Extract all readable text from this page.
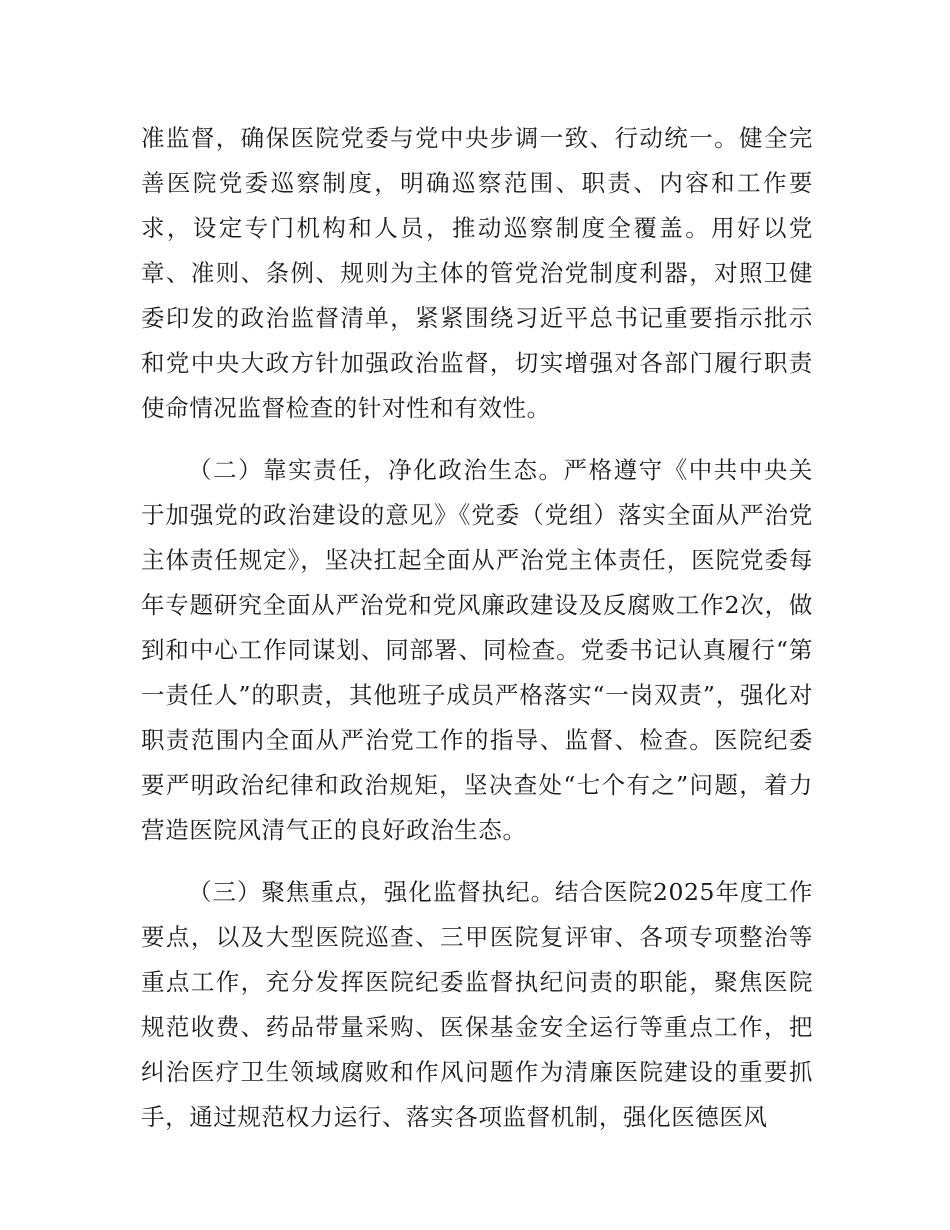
准监督，确保医院党委与党中央步调一致、行动统一。健全完善医院党委巡察制度，明确巡察范围、职责、内容和工作要求，设定专门机构和人员，推动巡察制度全覆盖。用好以党章、准则、条例、规则为主体的管党治党制度利器，对照卫健委印发的政治监督清单，紧紧围绕习近平总书记重要指示批示和党中央大政方针加强政治监督，切实增强对各部门履行职责使命情况监督检查的针对性和有效性。

（二）靠实责任，净化政治生态。严格遵守《中共中央关于加强党的政治建设的意见》《党委（党组）落实全面从严治党主体责任规定》，坚决扛起全面从严治党主体责任，医院党委每年专题研究全面从严治党和党风廉政建设及反腐败工作2次，做到和中心工作同谋划、同部署、同检查。党委书记认真履行“第一责任人”的职责，其他班子成员严格落实“一岗双责”，强化对职责范围内全面从严治党工作的指导、监督、检查。医院纪委要严明政治纪律和政治规矩，坚决查处“七个有之”问题，着力营造医院风清气正的良好政治生态。

（三）聚焦重点，强化监督执纪。结合医院2025年度工作要点，以及大型医院巡查、三甲医院复评审、各项专项整治等重点工作，充分发挥医院纪委监督执纪问责的职能，聚焦医院规范收费、药品带量采购、医保基金安全运行等重点工作，把纠治医疗卫生领域腐败和作风问题作为清廉医院建设的重要抓手，通过规范权力运行、落实各项监督机制，强化医德医风
